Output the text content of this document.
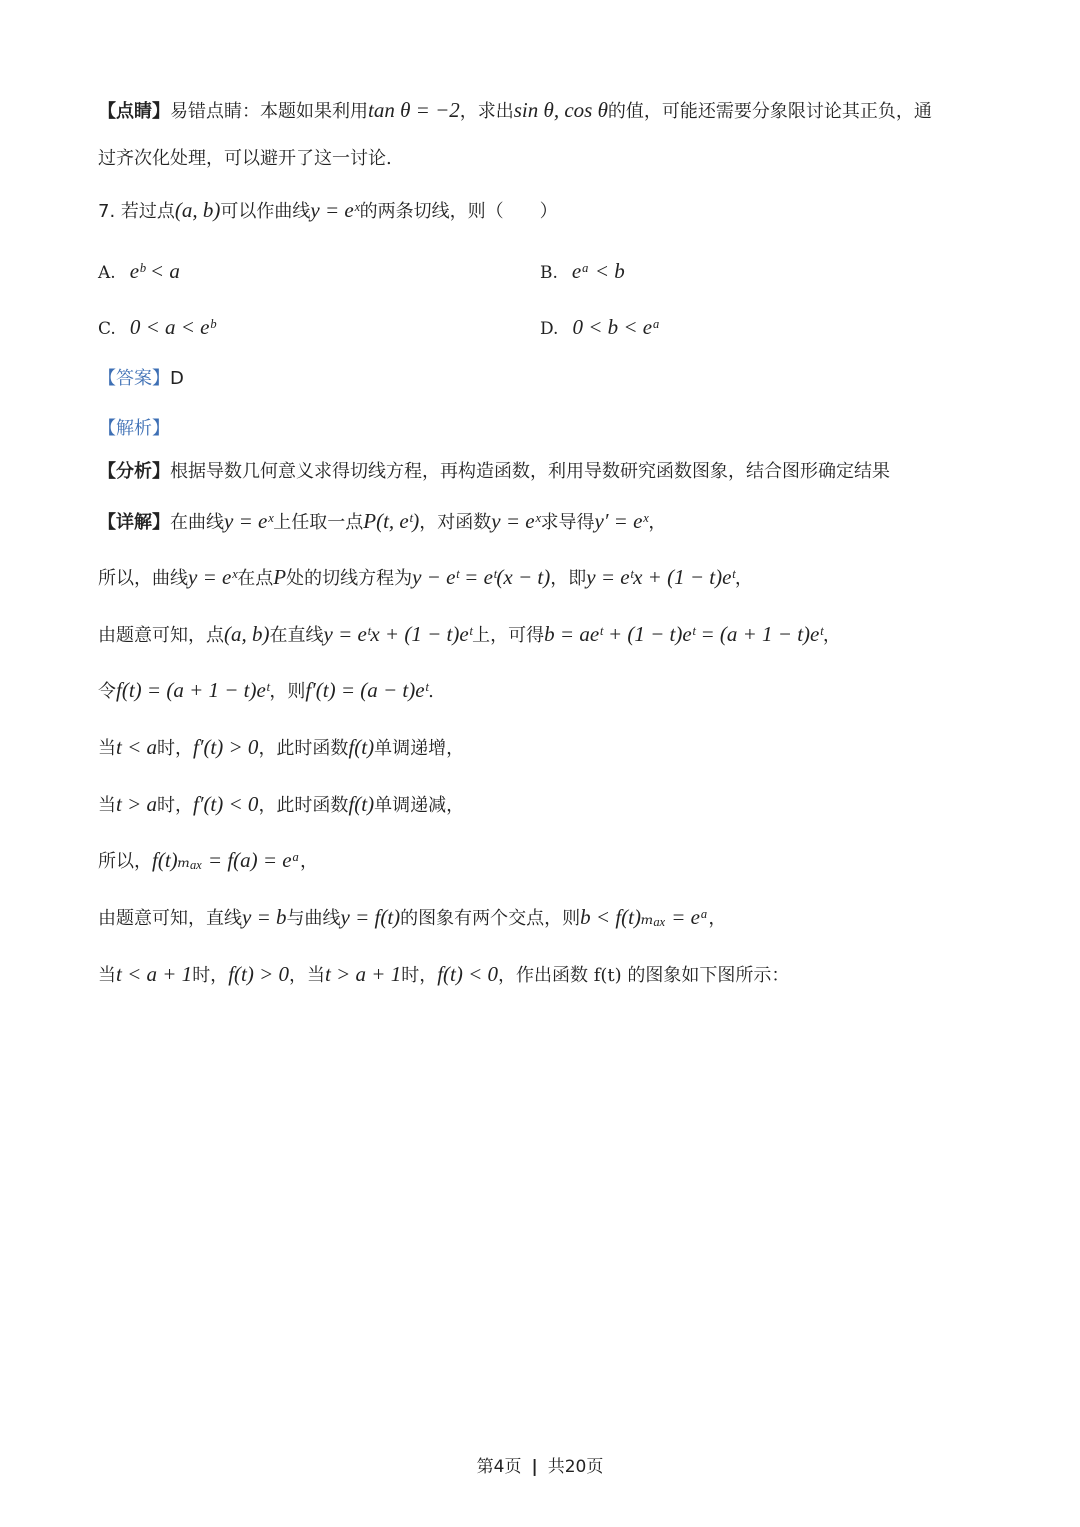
【点睛】易错点睛：本题如果利用tan θ = −2，求出sin θ, cos θ的值，可能还需要分象限讨论其正负，通
过齐次化处理，可以避开了这一讨论.
7. 若过点(a, b)可以作曲线y = eˣ的两条切线，则（　　）
A. eᵇ < a	B. eᵃ < b
C. 0 < a < eᵇ	D. 0 < b < eᵃ
【答案】D
【解析】
【分析】根据导数几何意义求得切线方程，再构造函数，利用导数研究函数图象，结合图形确定结果
【详解】在曲线y = eˣ上任取一点P(t, eᵗ)，对函数y = eˣ求导得y′ = eˣ，
所以，曲线y = eˣ在点P处的切线方程为y − eᵗ = eᵗ(x − t)，即y = eᵗx + (1 − t)eᵗ，
由题意可知，点(a, b)在直线y = eᵗx + (1 − t)eᵗ上，可得b = aeᵗ + (1 − t)eᵗ = (a + 1 − t)eᵗ，
令f(t) = (a + 1 − t)eᵗ，则f′(t) = (a − t)eᵗ.
当t < a时，f′(t) > 0，此时函数f(t)单调递增，
当t > a时，f′(t) < 0，此时函数f(t)单调递减，
所以，f(t)ₘₐₓ = f(a) = eᵃ，
由题意可知，直线y = b与曲线y = f(t)的图象有两个交点，则b < f(t)ₘₐₓ = eᵃ，
当t < a + 1时，f(t) > 0，当t > a + 1时，f(t) < 0，作出函数 f(t) 的图象如下图所示：
第4页 | 共20页
